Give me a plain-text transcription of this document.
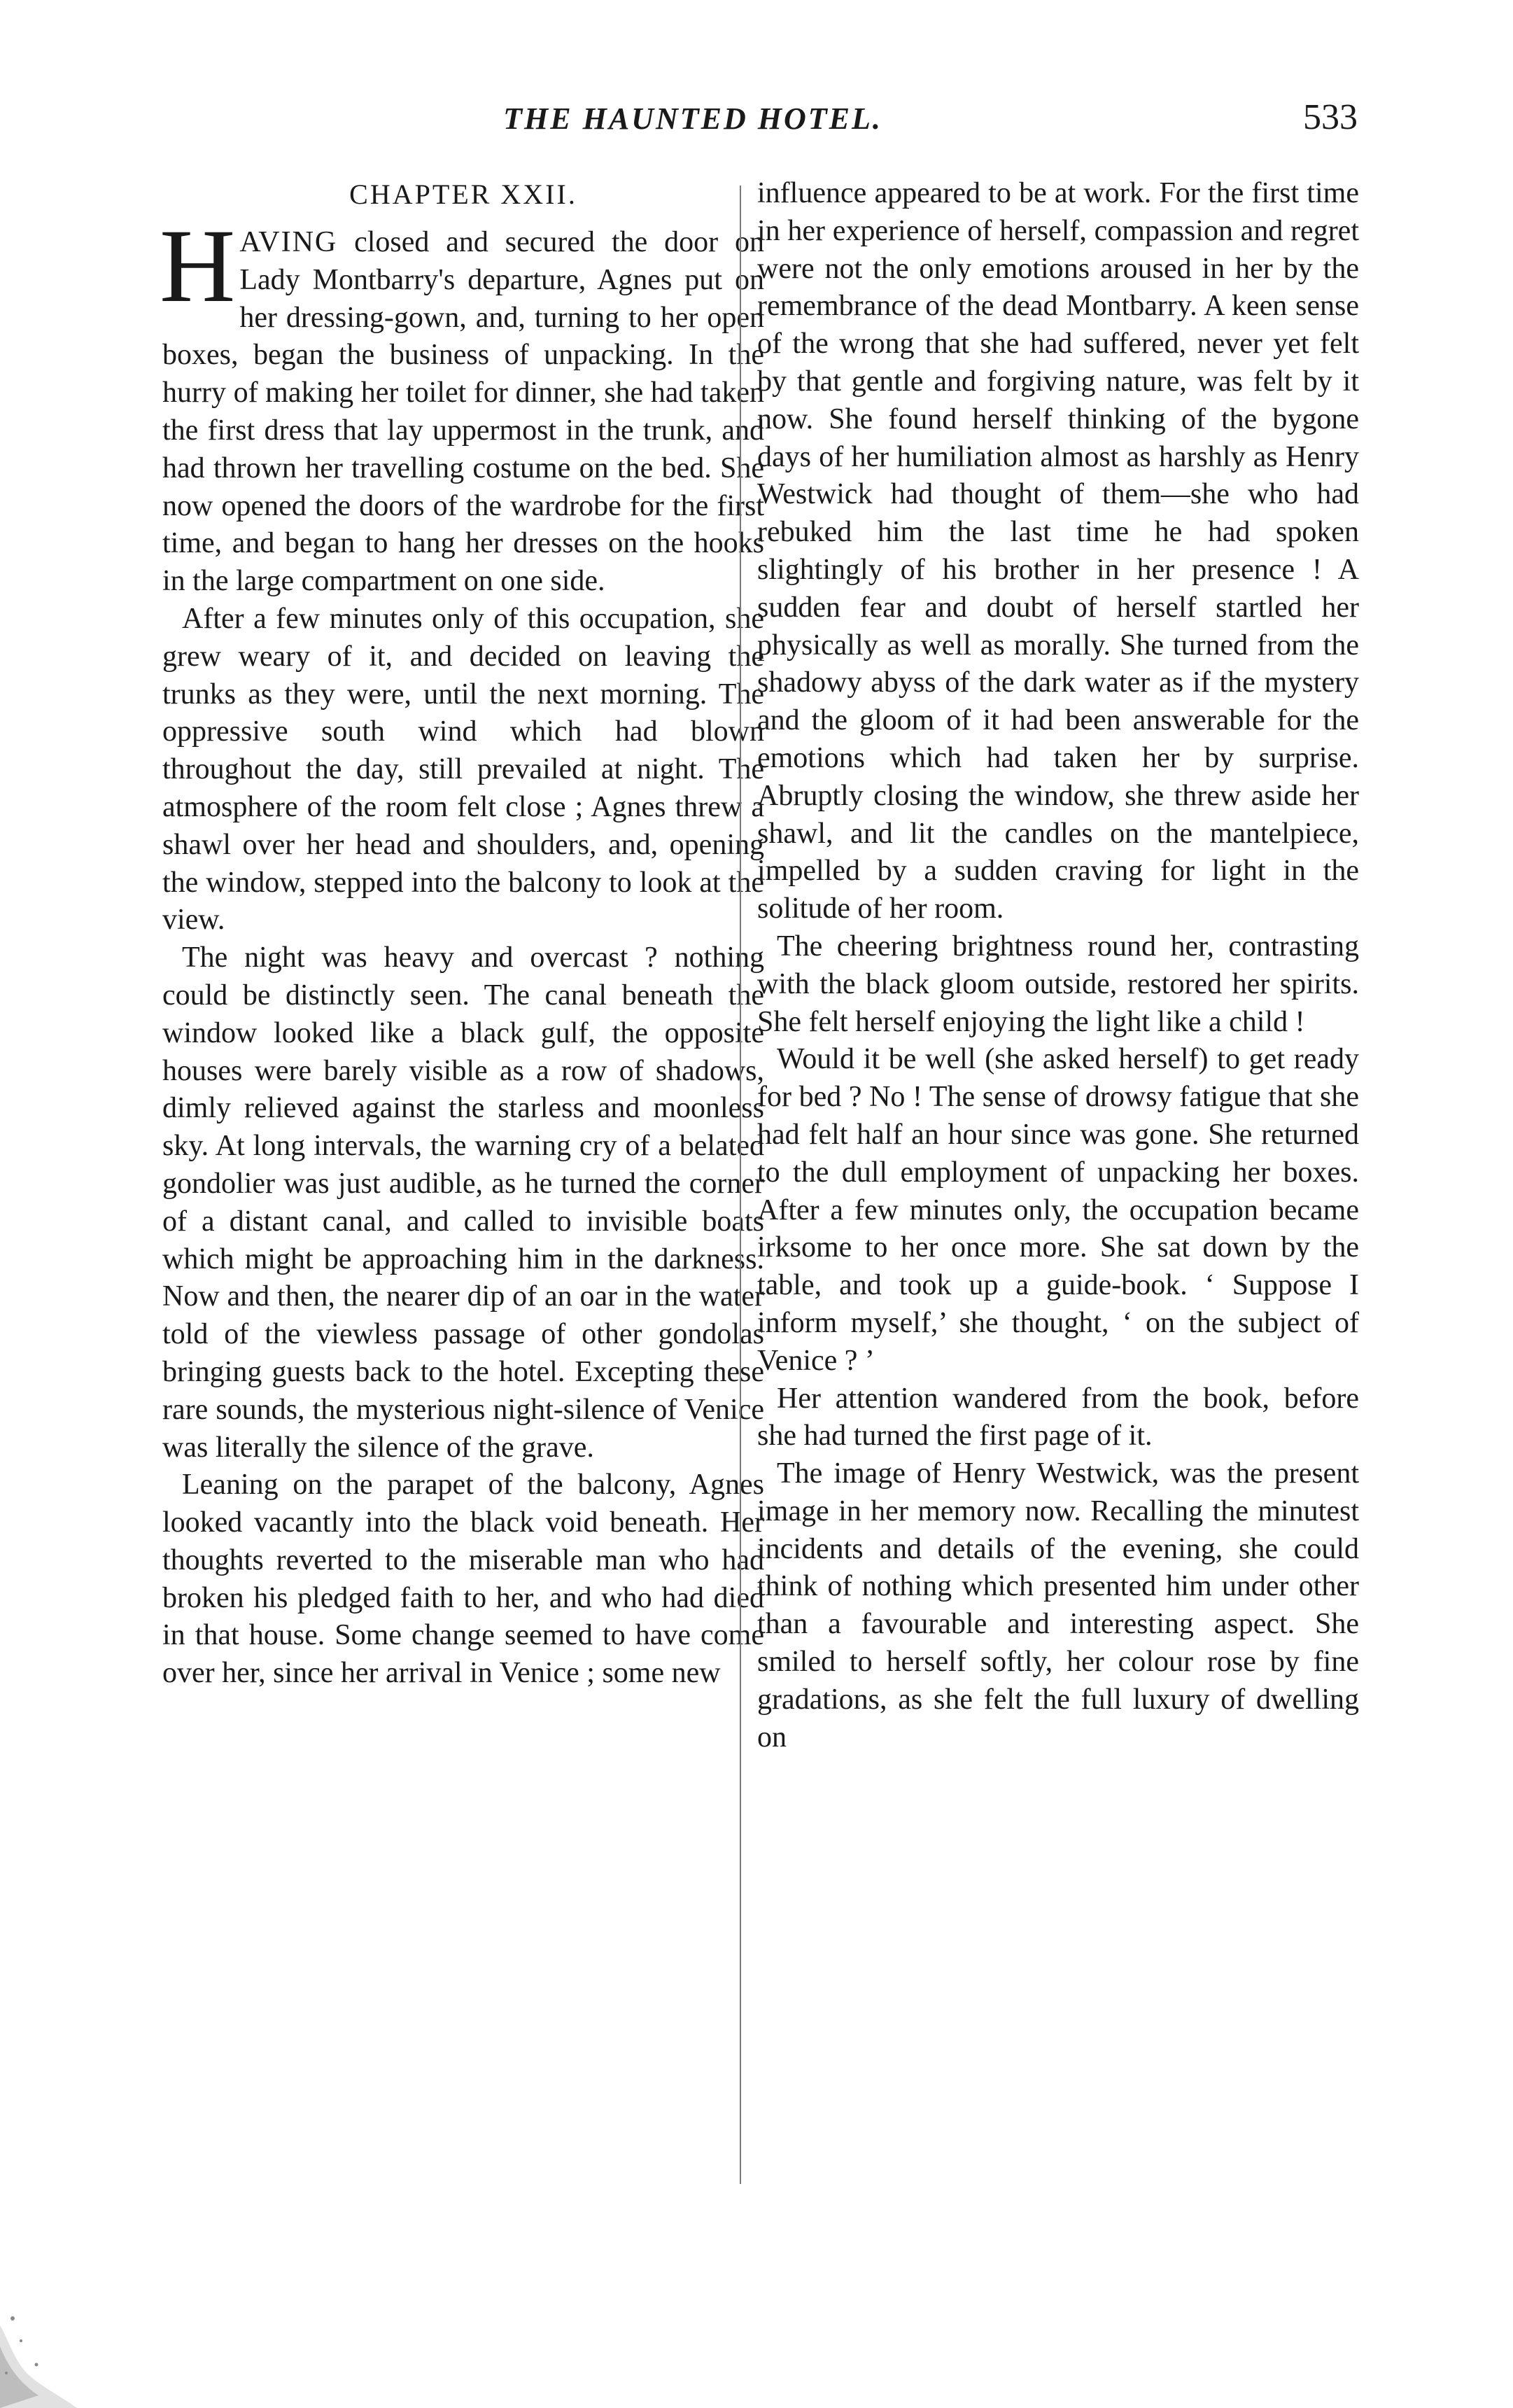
THE HAUNTED HOTEL.	533

CHAPTER XXII.

HAVING closed and secured the door on Lady Montbarry's departure, Agnes put on her dressing-gown, and, turning to her open boxes, began the business of unpacking. In the hurry of making her toilet for dinner, she had taken the first dress that lay uppermost in the trunk, and had thrown her travelling costume on the bed. She now opened the doors of the wardrobe for the first time, and began to hang her dresses on the hooks in the large compartment on one side.

After a few minutes only of this occupation, she grew weary of it, and decided on leaving the trunks as they were, until the next morning. The oppressive south wind which had blown throughout the day, still prevailed at night. The atmosphere of the room felt close ; Agnes threw a shawl over her head and shoulders, and, opening the window, stepped into the balcony to look at the view.

The night was heavy and overcast ? nothing could be distinctly seen. The canal beneath the window looked like a black gulf, the opposite houses were barely visible as a row of shadows, dimly relieved against the starless and moonless sky. At long intervals, the warning cry of a belated gondolier was just audible, as he turned the corner of a distant canal, and called to invisible boats which might be approaching him in the darkness. Now and then, the nearer dip of an oar in the water told of the viewless passage of other gondolas bringing guests back to the hotel. Excepting these rare sounds, the mysterious night-silence of Venice was literally the silence of the grave.

Leaning on the parapet of the balcony, Agnes looked vacantly into the black void beneath. Her thoughts reverted to the miserable man who had broken his pledged faith to her, and who had died in that house. Some change seemed to have come over her, since her arrival in Venice ; some new

influence appeared to be at work. For the first time in her experience of herself, compassion and regret were not the only emotions aroused in her by the remembrance of the dead Montbarry. A keen sense of the wrong that she had suffered, never yet felt by that gentle and forgiving nature, was felt by it now. She found herself thinking of the bygone days of her humiliation almost as harshly as Henry Westwick had thought of them—she who had rebuked him the last time he had spoken slightingly of his brother in her presence ! A sudden fear and doubt of herself startled her physically as well as morally. She turned from the shadowy abyss of the dark water as if the mystery and the gloom of it had been answerable for the emotions which had taken her by surprise. Abruptly closing the window, she threw aside her shawl, and lit the candles on the mantelpiece, impelled by a sudden craving for light in the solitude of her room.

The cheering brightness round her, contrasting with the black gloom outside, restored her spirits. She felt herself enjoying the light like a child !

Would it be well (she asked herself) to get ready for bed ? No ! The sense of drowsy fatigue that she had felt half an hour since was gone. She returned to the dull employment of unpacking her boxes. After a few minutes only, the occupation became irksome to her once more. She sat down by the table, and took up a guide-book. ‘ Suppose I inform myself,’ she thought, ‘ on the subject of Venice ? ’

Her attention wandered from the book, before she had turned the first page of it.

The image of Henry Westwick, was the present image in her memory now. Recalling the minutest incidents and details of the evening, she could think of nothing which presented him under other than a favourable and interesting aspect. She smiled to herself softly, her colour rose by fine gradations, as she felt the full luxury of dwelling on
